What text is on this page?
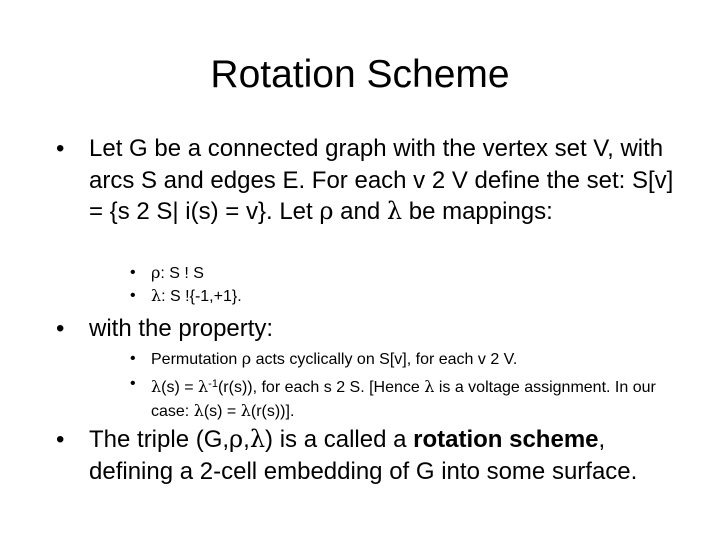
Rotation Scheme
•	Let G be a connected graph with the vertex set V, with arcs S and edges E. For each v 2 V define the set: S[v] = {s 2 S| i(s) = v}. Let ρ and λ be mappings:
• ρ: S ! S
• λ: S !{-1,+1}.
•	with the property:
• Permutation ρ acts cyclically on S[v], for each v 2 V.
• $\lambda(s) = \lambda^{-1}(r(s))$, for each s 2 S. [Hence λ is a voltage assignment. In our case: λ(s) = λ(r(s))].
•	The triple (G,ρ,λ) is a called a rotation scheme, defining a 2-cell embedding of G into some surface.
